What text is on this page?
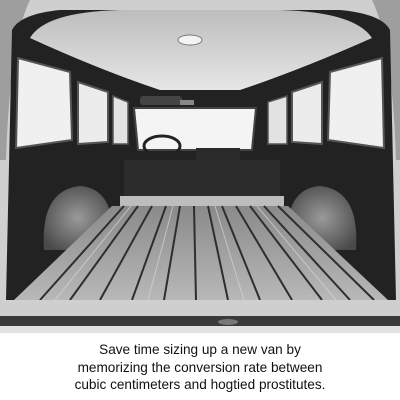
Save time sizing up a new van by
memorizing the conversion rate between
cubic centimeters and hogtied prostitutes.
